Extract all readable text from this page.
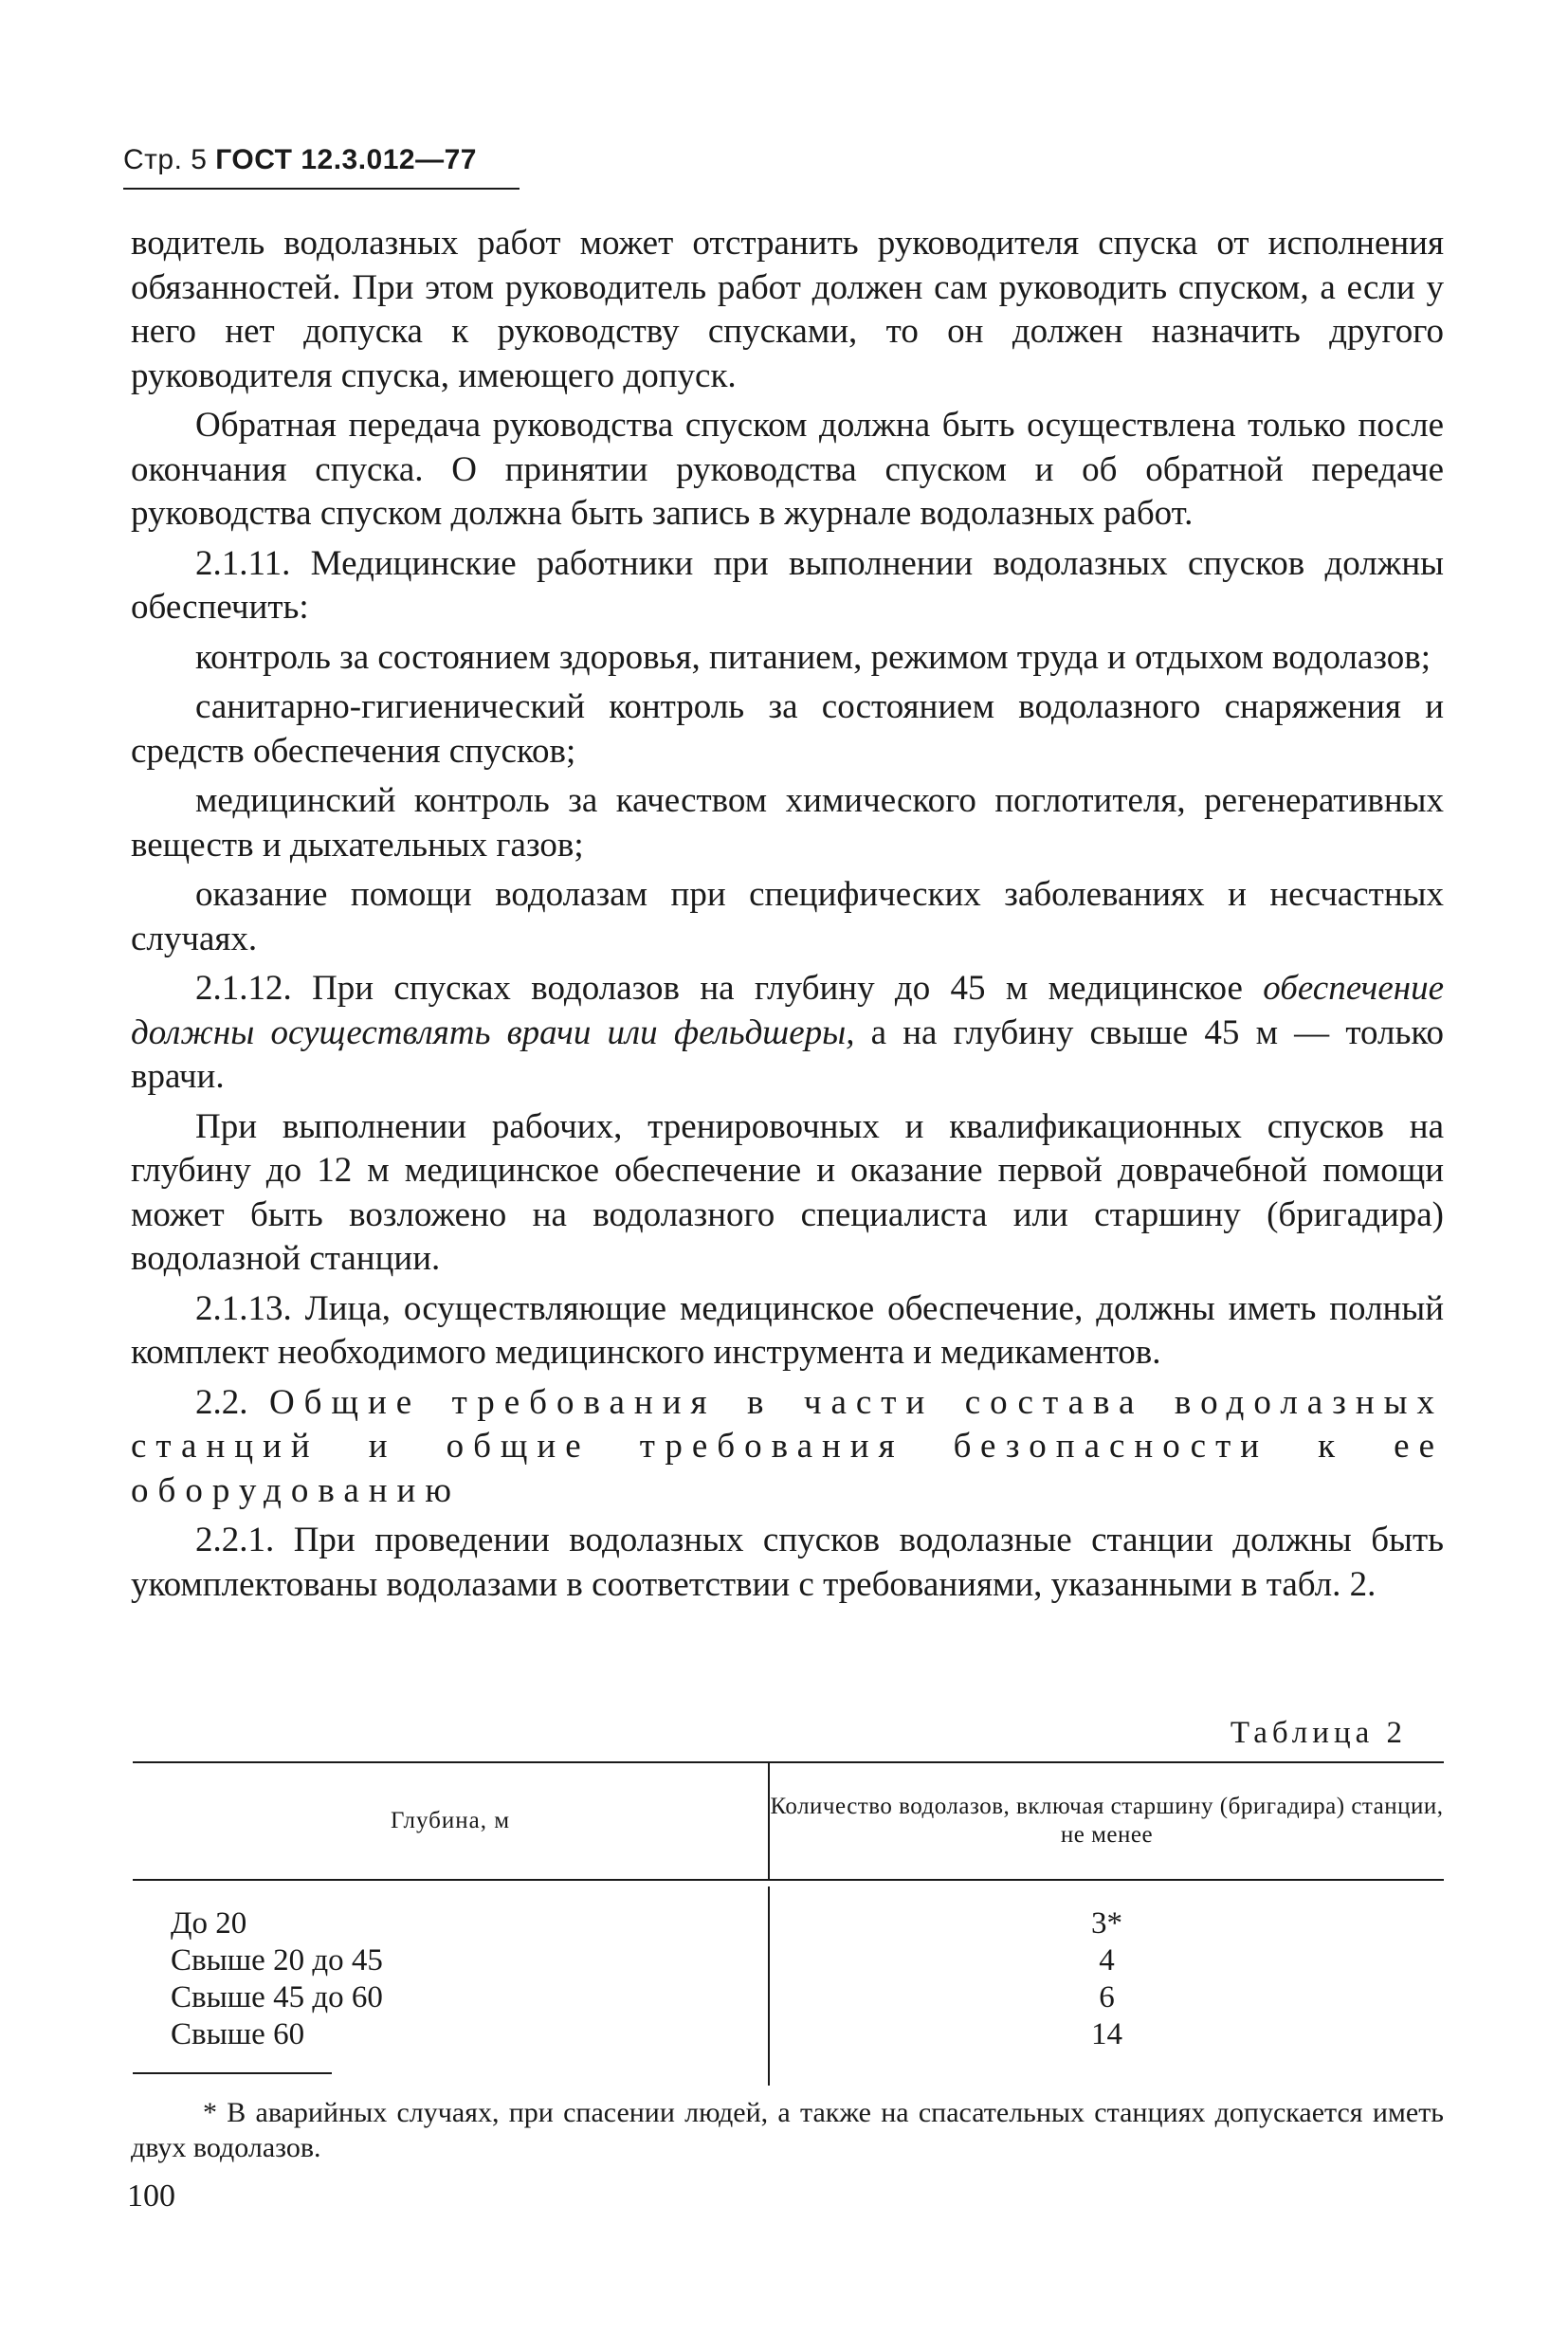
Стр. 5 ГОСТ 12.3.012—77

водитель водолазных работ может отстранить руководителя спуска от исполнения обязанностей. При этом руководитель работ должен сам руководить спуском, а если у него нет допуска к руководству спусками, то он должен назначить другого руководителя спуска, имеющего допуск.

Обратная передача руководства спуском должна быть осуществлена только после окончания спуска. О принятии руководства спуском и об обратной передаче руководства спуском должна быть запись в журнале водолазных работ.

2.1.11. Медицинские работники при выполнении водолазных спусков должны обеспечить:

контроль за состоянием здоровья, питанием, режимом труда и отдыхом водолазов;

санитарно-гигиенический контроль за состоянием водолазного снаряжения и средств обеспечения спусков;

медицинский контроль за качеством химического поглотителя, регенеративных веществ и дыхательных газов;

оказание помощи водолазам при специфических заболеваниях и несчастных случаях.

2.1.12. При спусках водолазов на глубину до 45 м медицинское обеспечение должны осуществлять врачи или фельдшеры, а на глубину свыше 45 м — только врачи.

При выполнении рабочих, тренировочных и квалификационных спусков на глубину до 12 м медицинское обеспечение и оказание первой доврачебной помощи может быть возложено на водолазного специалиста или старшину (бригадира) водолазной станции.

2.1.13. Лица, осуществляющие медицинское обеспечение, должны иметь полный комплект необходимого медицинского инструмента и медикаментов.

2.2. Общие требования в части состава водолазных станций и общие требования безопасности к ее оборудованию

2.2.1. При проведении водолазных спусков водолазные станции должны быть укомплектованы водолазами в соответствии с требованиями, указанными в табл. 2.

Таблица 2
Глубина, м
Количество водолазов, включая старшину (бригадира) станции, не менее
До 20
Свыше 20 до 45
Свыше 45 до 60
Свыше 60
3*
4
6
14
* В аварийных случаях, при спасении людей, а также на спасательных станциях допускается иметь двух водолазов.
100
